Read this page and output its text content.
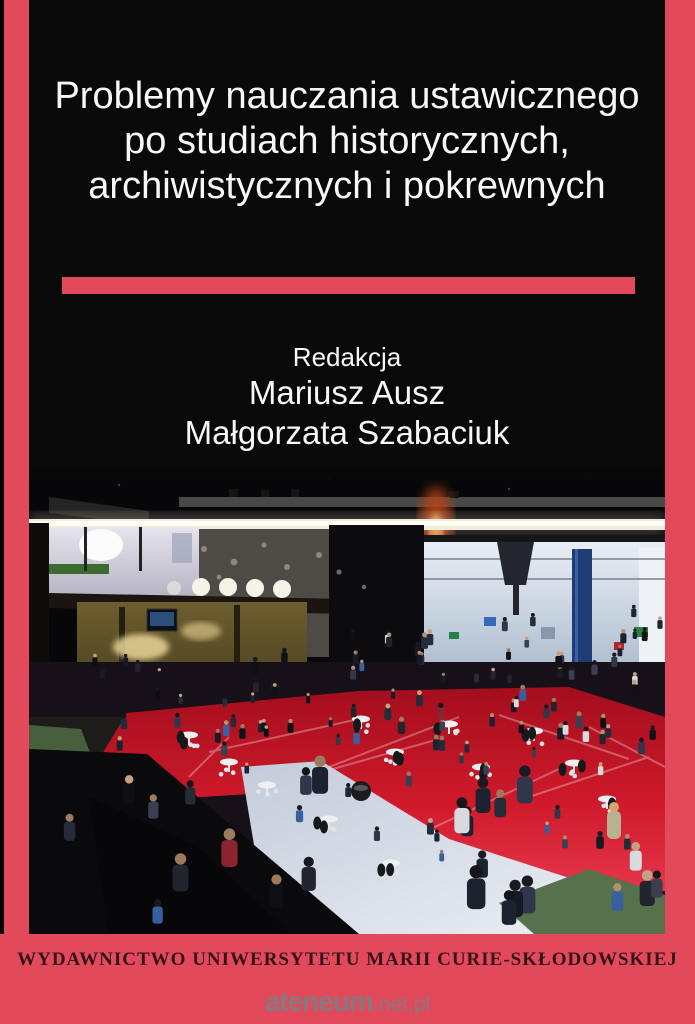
Problemy nauczania ustawicznego
po studiach historycznych,
archiwistycznych i pokrewnych
Redakcja
Mariusz Ausz
Małgorzata Szabaciuk
WYDAWNICTWO UNIWERSYTETU MARII CURIE-SKŁODOWSKIEJ
ateneum.net.pl
